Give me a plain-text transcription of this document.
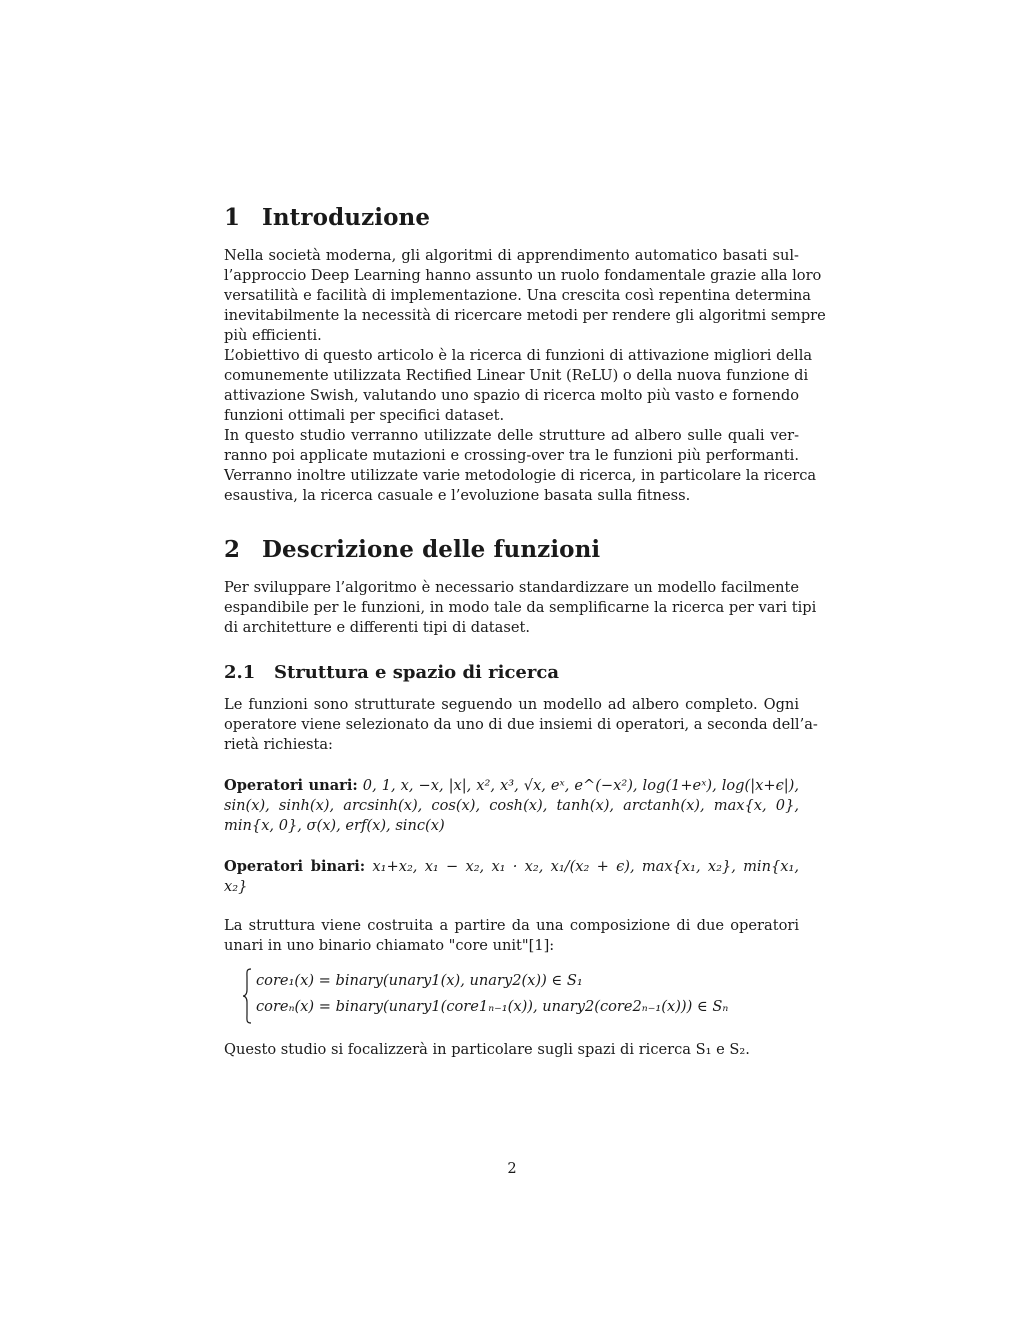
1 Introduzione
Nella società moderna, gli algoritmi di apprendimento automatico basati sul-
l’approccio Deep Learning hanno assunto un ruolo fondamentale grazie alla loro
versatilità e facilità di implementazione. Una crescita così repentina determina
inevitabilmente la necessità di ricercare metodi per rendere gli algoritmi sempre
più efficienti.
L’obiettivo di questo articolo è la ricerca di funzioni di attivazione migliori della
comunemente utilizzata Rectified Linear Unit (ReLU) o della nuova funzione di
attivazione Swish, valutando uno spazio di ricerca molto più vasto e fornendo
funzioni ottimali per specifici dataset.
In questo studio verranno utilizzate delle strutture ad albero sulle quali ver-
ranno poi applicate mutazioni e crossing-over tra le funzioni più performanti.
Verranno inoltre utilizzate varie metodologie di ricerca, in particolare la ricerca
esaustiva, la ricerca casuale e l’evoluzione basata sulla fitness.
2 Descrizione delle funzioni
Per sviluppare l’algoritmo è necessario standardizzare un modello facilmente
espandibile per le funzioni, in modo tale da semplificarne la ricerca per vari tipi
di architetture e differenti tipi di dataset.
2.1 Struttura e spazio di ricerca
Le funzioni sono strutturate seguendo un modello ad albero completo. Ogni
operatore viene selezionato da uno di due insiemi di operatori, a seconda dell’a-
rietà richiesta:
Operatori unari: 0, 1, x, −x, |x|, x², x³, √x, eˣ, e^(−x²), log(1+eˣ), log(|x+ϵ|),
sin(x), sinh(x), arcsinh(x), cos(x), cosh(x), tanh(x), arctanh(x), max{x, 0},
min{x, 0}, σ(x), erf(x), sinc(x)
Operatori binari: x₁+x₂, x₁ − x₂, x₁ · x₂, x₁/(x₂ + ϵ), max{x₁, x₂}, min{x₁,
x₂}
La struttura viene costruita a partire da una composizione di due operatori
unari in uno binario chiamato "core unit"[1]:
core₁(x) = binary(unary1(x), unary2(x)) ∈ S₁
coreₙ(x) = binary(unary1(core1ₙ₋₁(x)), unary2(core2ₙ₋₁(x))) ∈ Sₙ
Questo studio si focalizzerà in particolare sugli spazi di ricerca S₁ e S₂.
2
